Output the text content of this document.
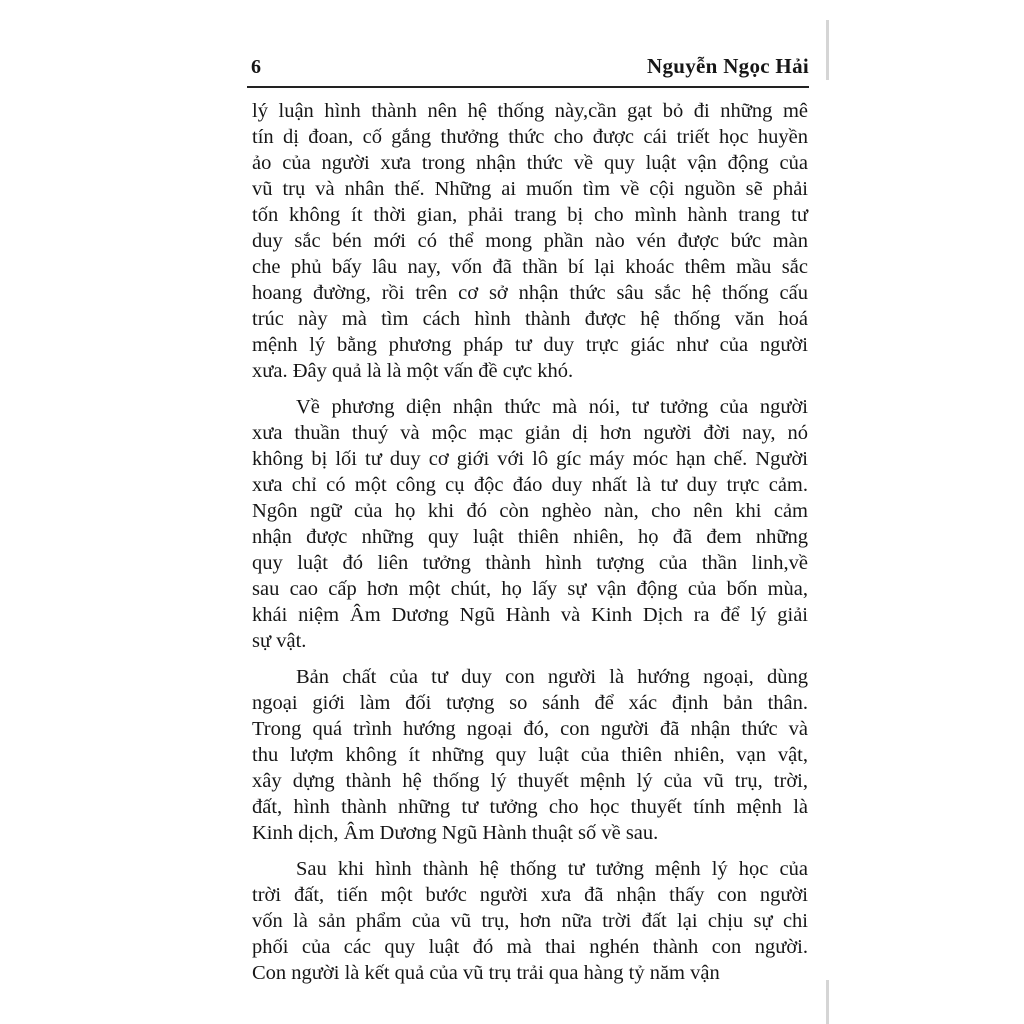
6	Nguyễn Ngọc Hải
lý luận hình thành nên hệ thống này,cần gạt bỏ đi những mê
tín dị đoan, cố gắng thưởng thức cho được cái triết học huyền
ảo của người xưa trong nhận thức về quy luật vận động của
vũ trụ và nhân thế. Những ai muốn tìm về cội nguồn sẽ phải
tốn không ít thời gian, phải trang bị cho mình hành trang tư
duy sắc bén mới có thể mong phần nào vén được bức màn
che phủ bấy lâu nay, vốn đã thần bí lại khoác thêm mầu sắc
hoang đường, rồi trên cơ sở nhận thức sâu sắc hệ thống cấu
trúc này mà tìm cách hình thành được hệ thống văn hoá
mệnh lý bằng phương pháp tư duy trực giác như của người
xưa. Đây quả là là một vấn đề cực khó.
Về phương diện nhận thức mà nói, tư tưởng của người
xưa thuần thuý và mộc mạc giản dị hơn người đời nay, nó
không bị lối tư duy cơ giới với lô gíc máy móc hạn chế. Người
xưa chỉ có một công cụ độc đáo duy nhất là tư duy trực cảm.
Ngôn ngữ của họ khi đó còn nghèo nàn, cho nên khi cảm
nhận được những quy luật thiên nhiên, họ đã đem những
quy luật đó liên tưởng thành hình tượng của thần linh,về
sau cao cấp hơn một chút, họ lấy sự vận động của bốn mùa,
khái niệm Âm Dương Ngũ Hành và Kinh Dịch ra để lý giải
sự vật.
Bản chất của tư duy con người là hướng ngoại, dùng
ngoại giới làm đối tượng so sánh để xác định bản thân.
Trong quá trình hướng ngoại đó, con người đã nhận thức và
thu lượm không ít những quy luật của thiên nhiên, vạn vật,
xây dựng thành hệ thống lý thuyết mệnh lý của vũ trụ, trời,
đất, hình thành những tư tưởng cho học thuyết tính mệnh là
Kinh dịch, Âm Dương Ngũ Hành thuật số về sau.
Sau khi hình thành hệ thống tư tưởng mệnh lý học của
trời đất, tiến một bước người xưa đã nhận thấy con người
vốn là sản phẩm của vũ trụ, hơn nữa trời đất lại chịu sự chi
phối của các quy luật đó mà thai nghén thành con người.
Con người là kết quả của vũ trụ trải qua hàng tỷ năm vận
